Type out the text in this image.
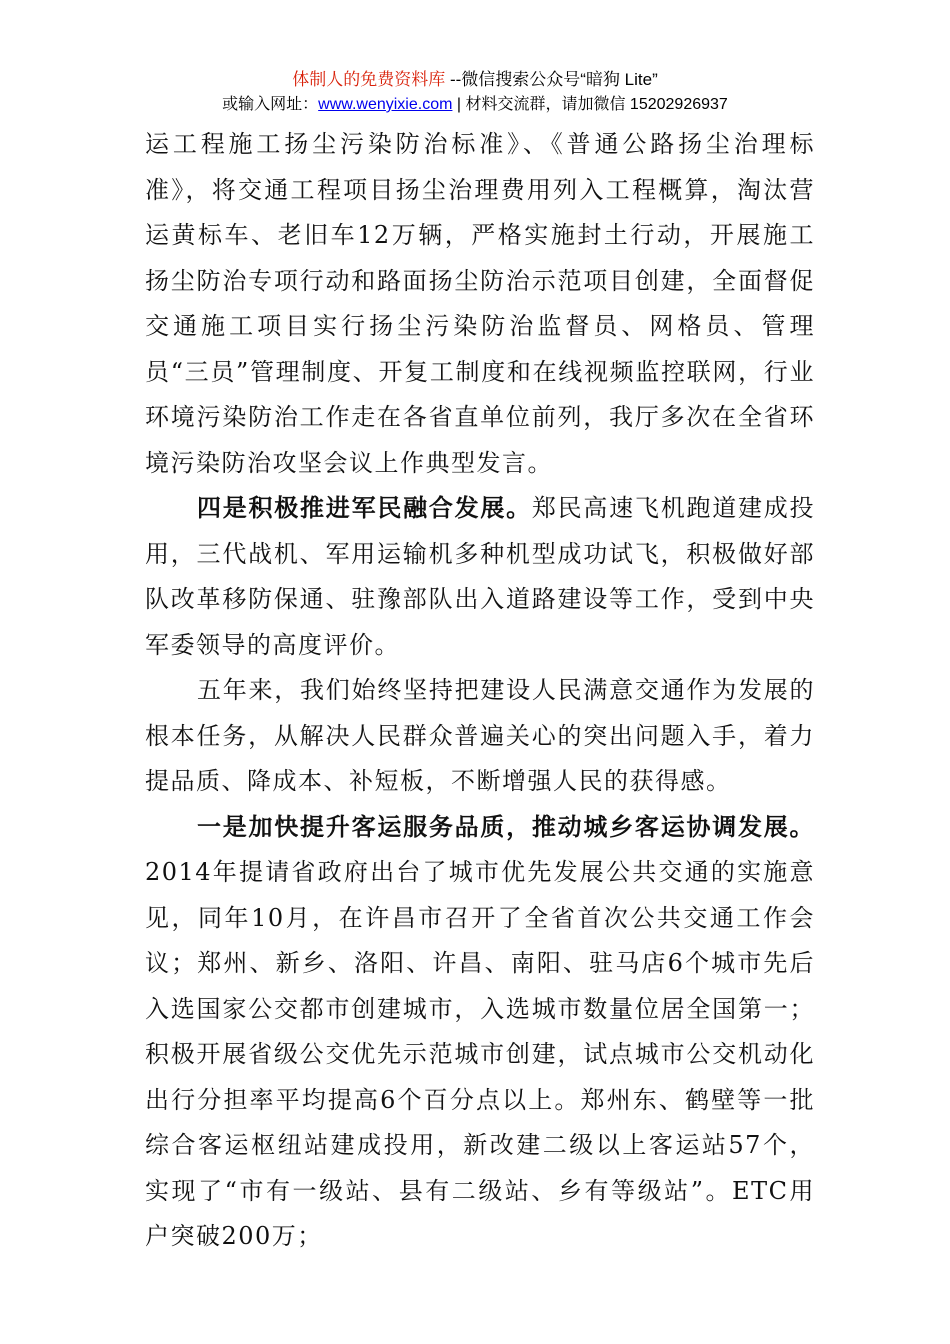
体制人的免费资料库 --微信搜索公众号“暗狗 Lite”
或输入网址：www.wenyixie.com | 材料交流群，请加微信 15202926937

运工程施工扬尘污染防治标准》、《普通公路扬尘治理标准》，将交通工程项目扬尘治理费用列入工程概算，淘汰营运黄标车、老旧车12万辆，严格实施封土行动，开展施工扬尘防治专项行动和路面扬尘防治示范项目创建，全面督促交通施工项目实行扬尘污染防治监督员、网格员、管理员“三员”管理制度、开复工制度和在线视频监控联网，行业环境污染防治工作走在各省直单位前列，我厅多次在全省环境污染防治攻坚会议上作典型发言。

四是积极推进军民融合发展。郑民高速飞机跑道建成投用，三代战机、军用运输机多种机型成功试飞，积极做好部队改革移防保通、驻豫部队出入道路建设等工作，受到中央军委领导的高度评价。

五年来，我们始终坚持把建设人民满意交通作为发展的根本任务，从解决人民群众普遍关心的突出问题入手，着力提品质、降成本、补短板，不断增强人民的获得感。

一是加快提升客运服务品质，推动城乡客运协调发展。2014年提请省政府出台了城市优先发展公共交通的实施意见，同年10月，在许昌市召开了全省首次公共交通工作会议；郑州、新乡、洛阳、许昌、南阳、驻马店6个城市先后入选国家公交都市创建城市，入选城市数量位居全国第一；积极开展省级公交优先示范城市创建，试点城市公交机动化出行分担率平均提高6个百分点以上。郑州东、鹤壁等一批综合客运枢纽站建成投用，新改建二级以上客运站57个，实现了“市有一级站、县有二级站、乡有等级站”。ETC用户突破200万；
